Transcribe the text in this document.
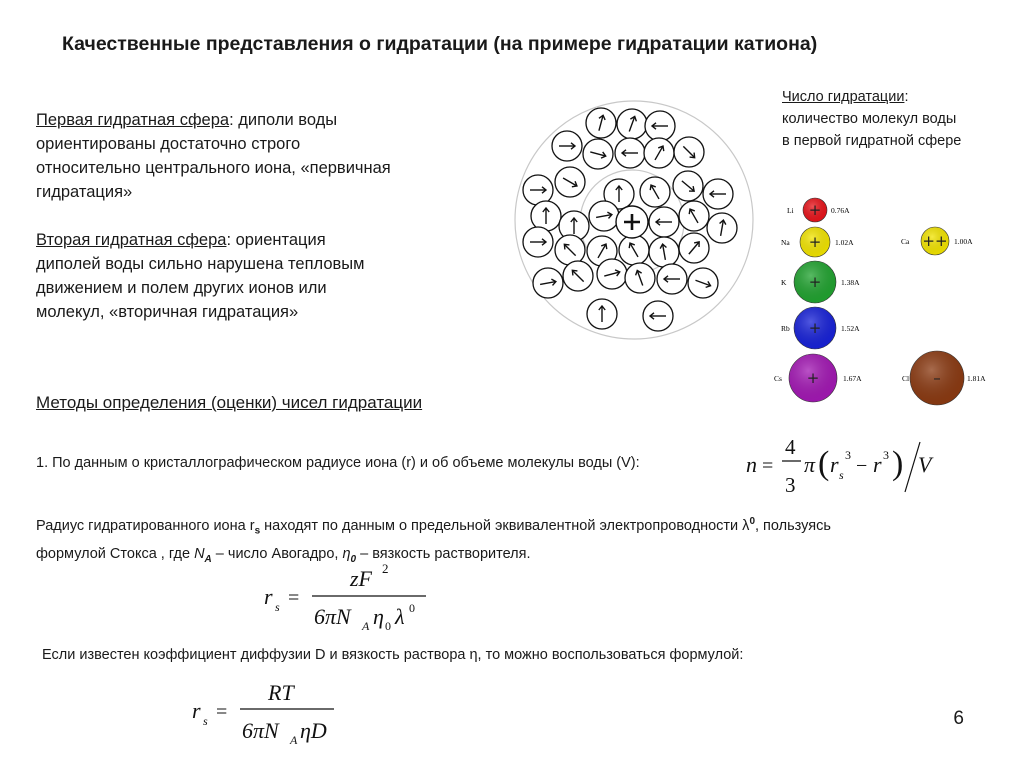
Качественные представления о гидратации (на примере гидратации катиона)
Число гидратации:
количество молекул воды
в первой гидратной сфере
Первая гидратная сфера: диполи воды
ориентированы достаточно строго
относительно центрального иона, «первичная
гидратация»
Вторая гидратная сфера: ориентация
диполей воды сильно нарушена тепловым
движением и полем других ионов или
молекул, «вторичная гидратация»
Li + 0.76A
Na + 1.02A
K +	1.38A
Rb +	1.52A
Cs +	1.67A
Ca ++ 1.00A
Cl –	1.81A
Методы определения (оценки) чисел гидратации
1. По данным о кристаллографическом радиусе иона (r) и об объеме молекулы воды (V):	n =
4
3
π ( r s
3 − r 3 ) V
Радиус гидратированного иона $r_s$ находят по данным о предельной эквивалентной электропроводности $\lambda^0$, пользуясь
формулой Стокса , где $N_A$ – число Авогадро, $\eta_0$ – вязкость растворителя.
r s =
zF 2
6πN A η 0 λ 0
Если известен коэффициент диффузии D и вязкость раствора η, то можно воспользоваться формулой:
r s =
RT
6πN A ηD	6
